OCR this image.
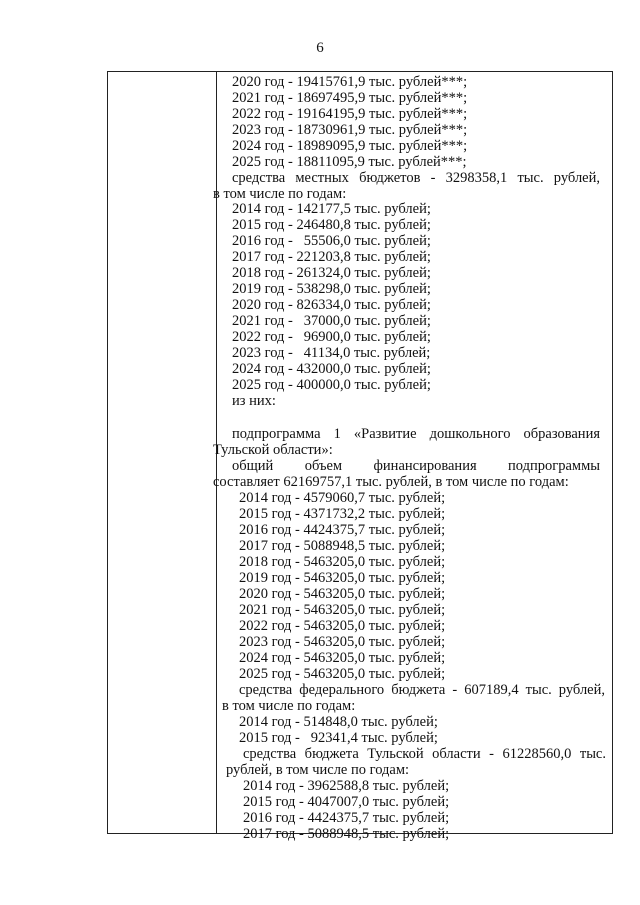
6
2020 год - 19415761,9 тыс. рублей***;
2021 год - 18697495,9 тыс. рублей***;
2022 год - 19164195,9 тыс. рублей***;
2023 год - 18730961,9 тыс. рублей***;
2024 год - 18989095,9 тыс. рублей***;
2025 год - 18811095,9 тыс. рублей***;
средства местных бюджетов - 3298358,1 тыс. рублей,
в том числе по годам:
2014 год - 142177,5 тыс. рублей;
2015 год - 246480,8 тыс. рублей;
2016 год -   55506,0 тыс. рублей;
2017 год - 221203,8 тыс. рублей;
2018 год - 261324,0 тыс. рублей;
2019 год - 538298,0 тыс. рублей;
2020 год - 826334,0 тыс. рублей;
2021 год -   37000,0 тыс. рублей;
2022 год -   96900,0 тыс. рублей;
2023 год -   41134,0 тыс. рублей;
2024 год - 432000,0 тыс. рублей;
2025 год - 400000,0 тыс. рублей;
из них:
подпрограмма 1 «Развитие дошкольного образования
Тульской области»:
общий объем финансирования подпрограммы
составляет 62169757,1 тыс. рублей, в том числе по годам:
2014 год - 4579060,7 тыс. рублей;
2015 год - 4371732,2 тыс. рублей;
2016 год - 4424375,7 тыс. рублей;
2017 год - 5088948,5 тыс. рублей;
2018 год - 5463205,0 тыс. рублей;
2019 год - 5463205,0 тыс. рублей;
2020 год - 5463205,0 тыс. рублей;
2021 год - 5463205,0 тыс. рублей;
2022 год - 5463205,0 тыс. рублей;
2023 год - 5463205,0 тыс. рублей;
2024 год - 5463205,0 тыс. рублей;
2025 год - 5463205,0 тыс. рублей;
средства федерального бюджета - 607189,4 тыс. рублей,
в том числе по годам:
2014 год - 514848,0 тыс. рублей;
2015 год -   92341,4 тыс. рублей;
средства бюджета Тульской области - 61228560,0 тыс.
рублей, в том числе по годам:
2014 год - 3962588,8 тыс. рублей;
2015 год - 4047007,0 тыс. рублей;
2016 год - 4424375,7 тыс. рублей;
2017 год - 5088948,5 тыс. рублей;
